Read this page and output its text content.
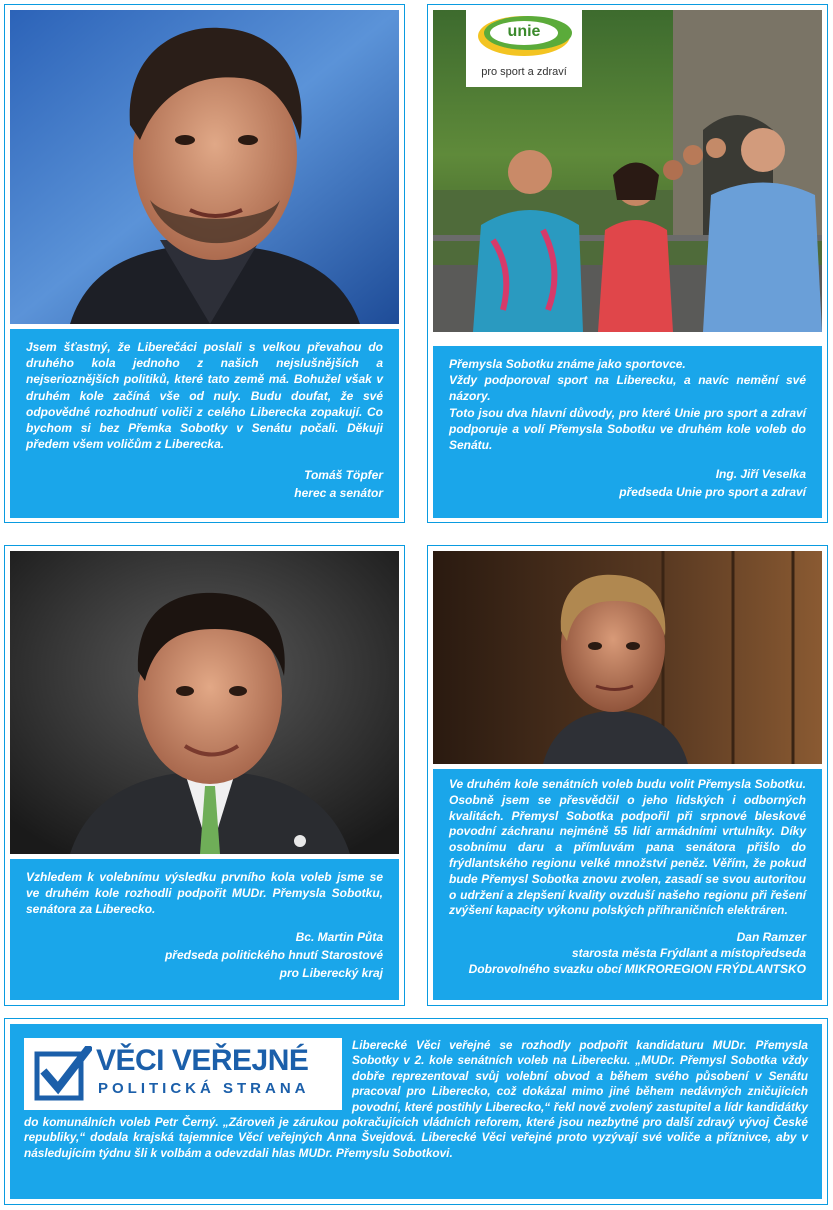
Jsem šťastný, že Liberečáci poslali s velkou převahou do druhého kola jednoho z našich nejslušnějších a nejserioznějších politiků, které tato země má. Bohužel však v druhém kole začíná vše od nuly. Budu doufat, že své odpovědné rozhodnutí voliči z celého Liberecka zopakují. Co bychom si bez Přemka Sobotky v Senátu počali. Děkuji předem všem voličům z Liberecka.

Tomáš Töpfer
herec a senátor
unie
pro sport a zdraví

Přemysla Sobotku známe jako sportovce.

Vždy podporoval sport na Liberecku, a navíc nemění své názory.

Toto jsou dva hlavní důvody, pro které Unie pro sport a zdraví podporuje a volí Přemysla Sobotku ve druhém kole voleb do Senátu.

Ing. Jiří Veselka
předseda Unie pro sport a zdraví

Vzhledem k volebnímu výsledku prvního kola voleb jsme se ve druhém kole rozhodli podpořit MUDr. Přemysla Sobotku, senátora za Liberecko.

Bc. Martin Půta
předseda politického hnutí Starostové
pro Liberecký kraj

Ve druhém kole senátních voleb budu volit Přemysla Sobotku. Osobně jsem se přesvědčil o jeho lidských i odborných kvalitách. Přemysl Sobotka podpořil při srpnové bleskové povodní záchranu nejméně 55 lidí armádními vrtulníky. Díky osobnímu daru a přímluvám pana senátora přišlo do frýdlantského regionu velké množství peněz. Věřím, že pokud bude Přemysl Sobotka znovu zvolen, zasadí se svou autoritou o udržení a zlepšení kvality ovzduší našeho regionu při řešení zvýšení kapacity výkonu polských příhraničních elektráren.

Dan Ramzer
starosta města Frýdlant a místopředseda
Dobrovolného svazku obcí MIKROREGION FRÝDLANTSKO
VĚCI VEŘEJNÉ
POLITICKÁ STRANA

Liberecké Věci veřejné se rozhodly podpořit kandidaturu MUDr. Přemysla Sobotky v 2. kole senátních voleb na Liberecku. „MUDr. Přemysl Sobotka vždy dobře reprezentoval svůj volební obvod a během svého působení v Senátu pracoval pro Liberecko, což dokázal mimo jiné během nedávných zničujících povodní, které postihly Liberecko,“ řekl nově zvolený zastupitel a lídr kandidátky do komunálních voleb Petr Černý. „Zároveň je zárukou pokračujících vládních reforem, které jsou nezbytné pro další zdravý vývoj České republiky,“ dodala krajská tajemnice Věcí veřejných Anna Švejdová. Liberecké Věci veřejné proto vyzývají své voliče a příznivce, aby v následujícím týdnu šli k volbám a odevzdali hlas MUDr. Přemyslu Sobotkovi.
